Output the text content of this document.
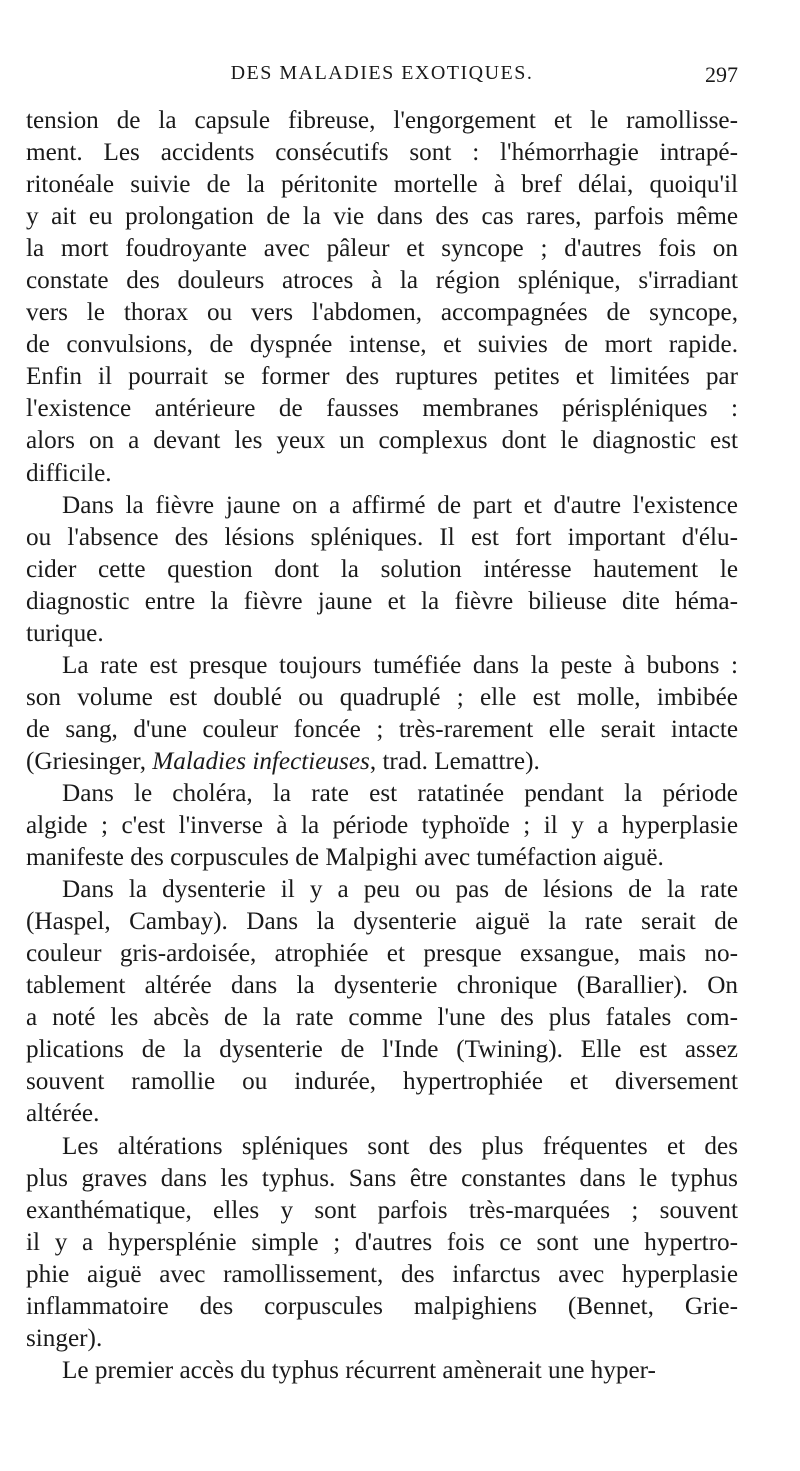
DES MALADIES EXOTIQUES.	297
tension de la capsule fibreuse, l'engorgement et le ramollisse-
ment. Les accidents consécutifs sont : l'hémorrhagie intrapé-
ritonéale suivie de la péritonite mortelle à bref délai, quoiqu'il
y ait eu prolongation de la vie dans des cas rares, parfois même
la mort foudroyante avec pâleur et syncope ; d'autres fois on
constate des douleurs atroces à la région splénique, s'irradiant
vers le thorax ou vers l'abdomen, accompagnées de syncope,
de convulsions, de dyspnée intense, et suivies de mort rapide.
Enfin il pourrait se former des ruptures petites et limitées par
l'existence antérieure de fausses membranes périspléniques :
alors on a devant les yeux un complexus dont le diagnostic est
difficile.
Dans la fièvre jaune on a affirmé de part et d'autre l'existence
ou l'absence des lésions spléniques. Il est fort important d'élu-
cider cette question dont la solution intéresse hautement le
diagnostic entre la fièvre jaune et la fièvre bilieuse dite héma-
turique.
La rate est presque toujours tuméfiée dans la peste à bubons :
son volume est doublé ou quadruplé ; elle est molle, imbibée
de sang, d'une couleur foncée ; très-rarement elle serait intacte
(Griesinger, Maladies infectieuses, trad. Lemattre).
Dans le choléra, la rate est ratatinée pendant la période
algide ; c'est l'inverse à la période typhoïde ; il y a hyperplasie
manifeste des corpuscules de Malpighi avec tuméfaction aiguë.
Dans la dysenterie il y a peu ou pas de lésions de la rate
(Haspel, Cambay). Dans la dysenterie aiguë la rate serait de
couleur gris-ardoisée, atrophiée et presque exsangue, mais no-
tablement altérée dans la dysenterie chronique (Barallier). On
a noté les abcès de la rate comme l'une des plus fatales com-
plications de la dysenterie de l'Inde (Twining). Elle est assez
souvent ramollie ou indurée, hypertrophiée et diversement
altérée.
Les altérations spléniques sont des plus fréquentes et des
plus graves dans les typhus. Sans être constantes dans le typhus
exanthématique, elles y sont parfois très-marquées ; souvent
il y a hypersplénie simple ; d'autres fois ce sont une hypertro-
phie aiguë avec ramollissement, des infarctus avec hyperplasie
inflammatoire des corpuscules malpighiens (Bennet, Grie-
singer).
Le premier accès du typhus récurrent amènerait une hyper-
